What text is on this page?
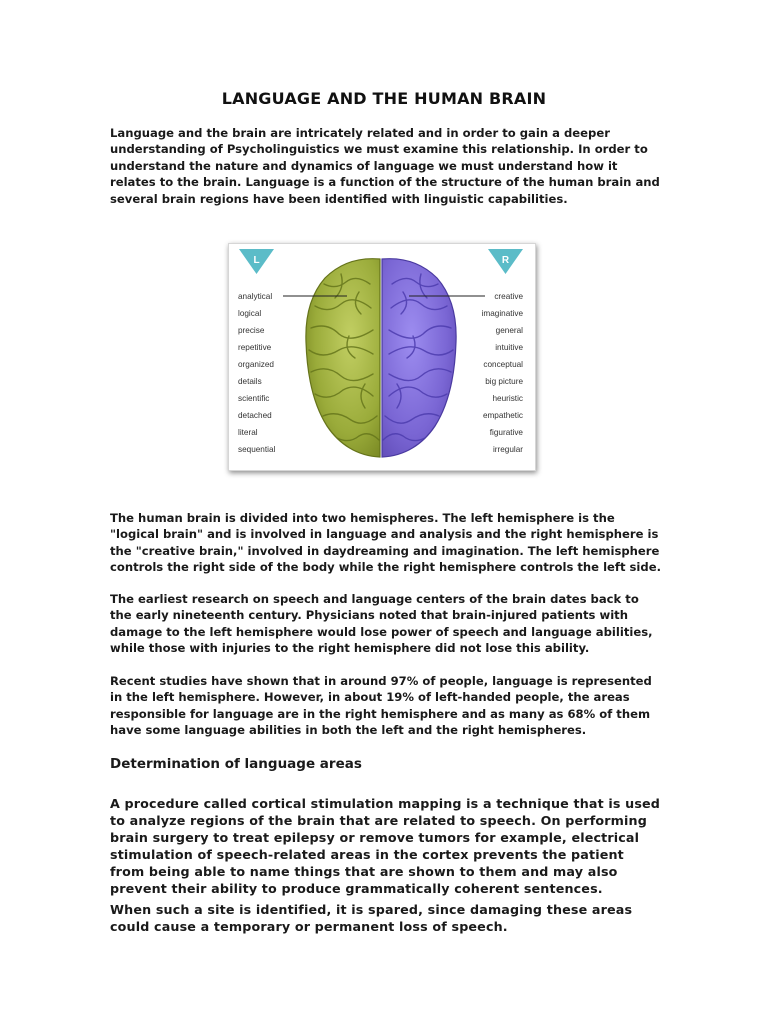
LANGUAGE AND THE HUMAN BRAIN

Language and the brain are intricately related and in order to gain a deeper understanding of Psycholinguistics we must examine this relationship. In order to understand the nature and dynamics of language we must understand how it relates to the brain. Language is a function of the structure of the human brain and several brain regions have been identified with linguistic capabilities.

L	R
analytical
logical
precise
repetitive
organized
details
scientific
detached
literal
sequential
creative
imaginative
general
intuitive
conceptual
big picture
heuristic
empathetic
figurative
irregular

The human brain is divided into two hemispheres. The left hemisphere is the "logical brain" and is involved in language and analysis and the right hemisphere is the "creative brain," involved in daydreaming and imagination. The left hemisphere controls the right side of the body while the right hemisphere controls the left side.

The earliest research on speech and language centers of the brain dates back to the early nineteenth century. Physicians noted that brain-injured patients with damage to the left hemisphere would lose power of speech and language abilities, while those with injuries to the right hemisphere did not lose this ability.

Recent studies have shown that in around 97% of people, language is represented in the left hemisphere. However, in about 19% of left-handed people, the areas responsible for language are in the right hemisphere and as many as 68% of them have some language abilities in both the left and the right hemispheres.

Determination of language areas

A procedure called cortical stimulation mapping is a technique that is used to analyze regions of the brain that are related to speech. On performing brain surgery to treat epilepsy or remove tumors for example, electrical stimulation of speech-related areas in the cortex prevents the patient from being able to name things that are shown to them and may also prevent their ability to produce grammatically coherent sentences.

When such a site is identified, it is spared, since damaging these areas could cause a temporary or permanent loss of speech.
